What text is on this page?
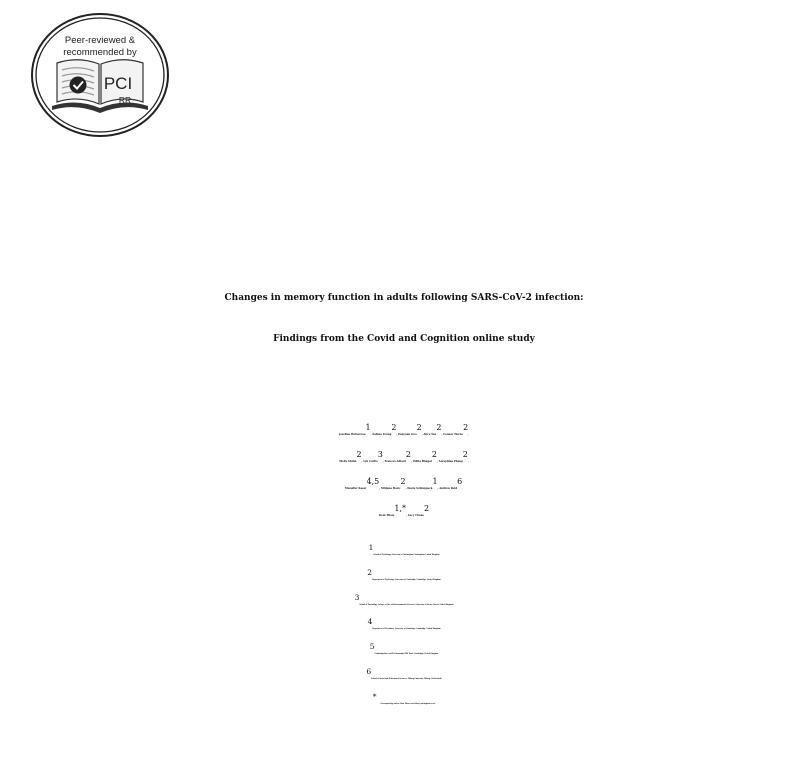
Peer-reviewed &
recommended by
PCI
RR
Changes in memory function in adults following SARS-CoV-2 infection:
Findings from the Covid and Cognition online study
Josefina Weinerova$^1$, Sabine Yeung$^2$, Panyuan Guo$^2$, Alice Yau$^2$, Connor Horne$^2$,
Molly Ghinn$^2$, Lyn Curtis$^3$, Frances Adlard$^2$, Vidita Bhagat$^2$, Seraphina Zhang$^2$,
Muzaffer Kaser$^{4,5}$, Mirjana Bozic$^2$, Denis Schluppeck$^1$, Andrew Reid$^6$,
Roni Tibon$^{1,*}$, Lucy Cheke$^2$
$^1$School of Psychology, University of Nottingham, Nottingham, United Kingdom
$^2$Department of Psychology, University of Cambridge, Cambridge, United Kingdom
$^3$School of Psychology, College of Life and Environmental Sciences, University of Exeter, Exeter, United Kingdom
$^4$Department of Psychiatry, University of Cambridge, Cambridge, United Kingdom
$^5$Cambridgeshire and Peterborough NHS Trust, Cambridge, United Kingdom
$^6$School of Social and Behavioural Sciences, Tilburg University, Tilburg, Netherlands
*Corresponding author: Roni Tibon, roni.tibon@nottingham.ac.uk
